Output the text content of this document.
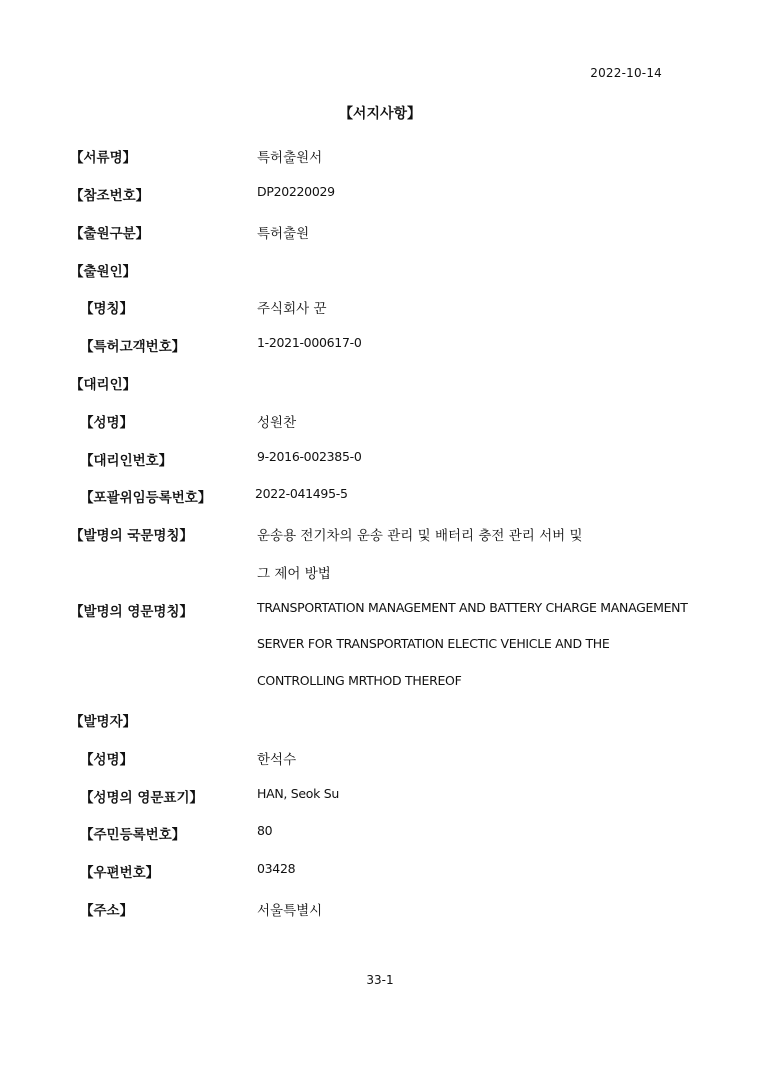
2022-10-14
【서지사항】
【서류명】	특허출원서
【참조번호】	DP20220029
【출원구분】	특허출원
【출원인】
【명칭】	주식회사 꾼
【특허고객번호】	1-2021-000617-0
【대리인】
【성명】	성원찬
【대리인번호】	9-2016-002385-0
【포괄위임등록번호】	2022-041495-5
【발명의 국문명칭】	운송용 전기차의 운송 관리 및 배터리 충전 관리 서버 및
그 제어 방법
【발명의 영문명칭】	TRANSPORTATION MANAGEMENT AND BATTERY CHARGE MANAGEMENT
SERVER FOR TRANSPORTATION ELECTIC VEHICLE AND THE
CONTROLLING MRTHOD THEREOF
【발명자】
【성명】	한석수
【성명의 영문표기】	HAN, Seok Su
【주민등록번호】	80
【우편번호】	03428
【주소】	서울특별시
33-1
